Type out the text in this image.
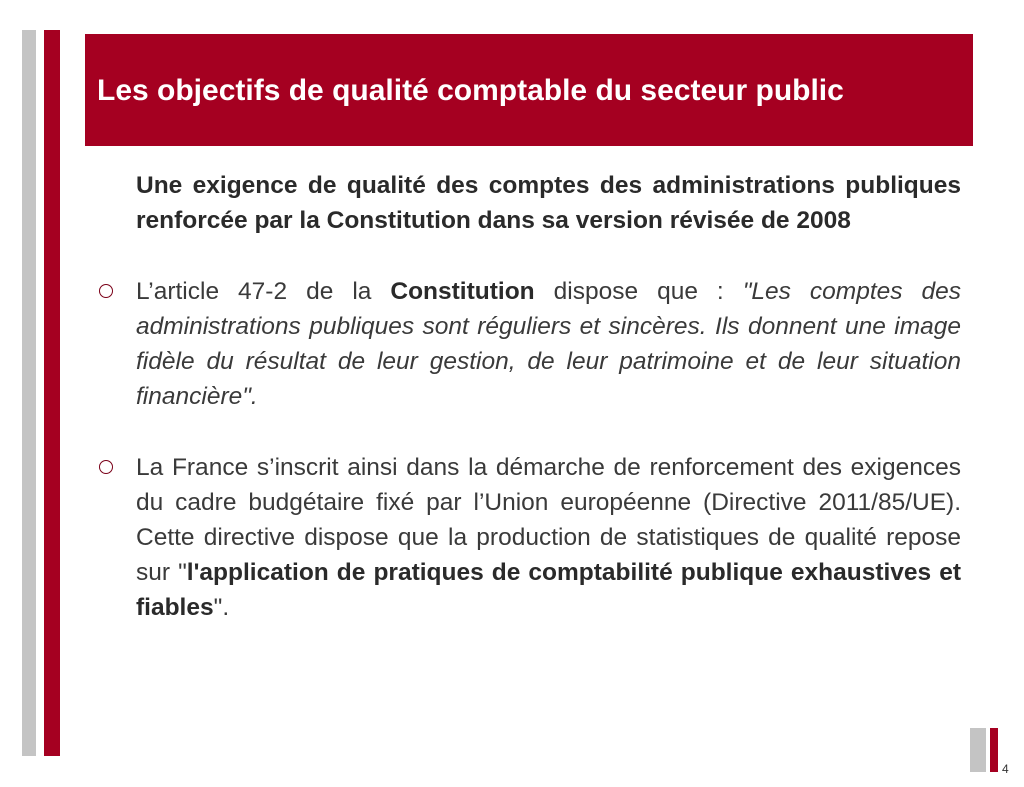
Les objectifs de qualité comptable du secteur public
Une exigence de qualité des comptes des administrations publiques renforcée par la Constitution dans sa version révisée de 2008
L’article 47-2 de la Constitution dispose que : "Les comptes des administrations publiques sont réguliers et sincères. Ils donnent une image fidèle du résultat de leur gestion, de leur patrimoine et de leur situation financière".
La France s’inscrit ainsi dans la démarche de renforcement des exigences du cadre budgétaire fixé par l’Union européenne (Directive 2011/85/UE). Cette directive dispose que la production de statistiques de qualité repose sur "l'application de pratiques de comptabilité publique exhaustives et fiables".
4
